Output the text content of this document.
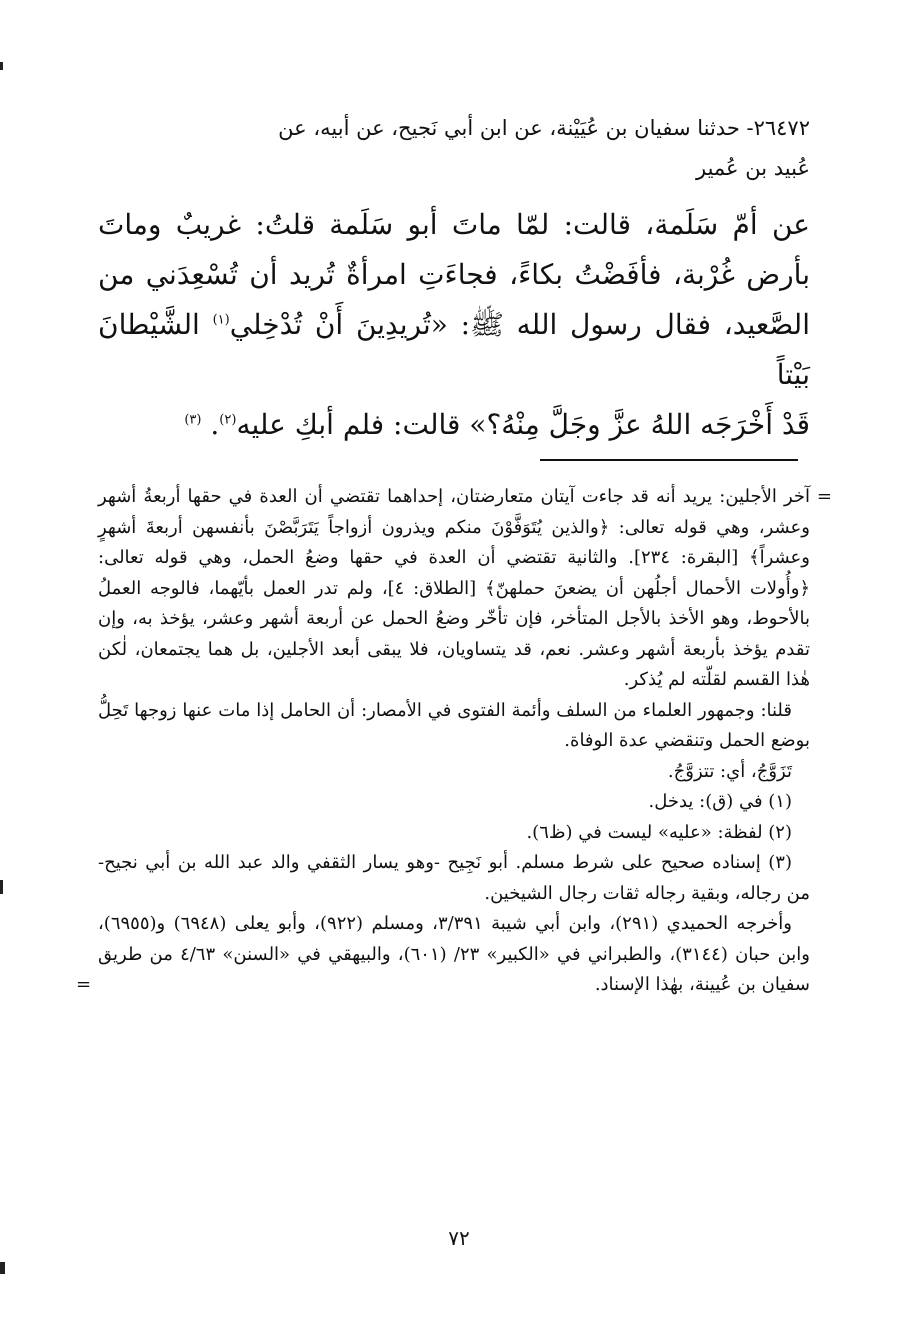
٢٦٤٧٢- حدثنا سفيان بن عُيَيْنة، عن ابن أبي نَجيح، عن أبيه، عن
عُبيد بن عُمير
عن أمّ سَلَمة، قالت: لمّا ماتَ أبو سَلَمة قلتُ: غريبٌ وماتَ
بأرض غُرْبة، فأفَضْتُ بكاءً، فجاءَتِ امرأةٌ تُريد أن تُسْعِدَني من
الصَّعيد، فقال رسول الله ﷺ: «تُريدِينَ أَنْ تُدْخِلي$^{(١)}$ الشَّيْطانَ بَيْتاً
قَدْ أَخْرَجَه اللهُ عزَّ وجَلَّ مِنْهُ؟» قالت: فلم أبكِ عليه$^{(٢)}$. $^{(٣)}$
=
آخر الأجلين: يريد أنه قد جاءت آيتان متعارضتان، إحداهما تقتضي أن العدة في حقها أربعةُ أشهر وعشر، وهي قوله تعالى: ﴿والذين يُتَوَفَّوْنَ منكم ويذرون أزواجاً يَتَرَبَّصْنَ بأنفسهن أربعةَ أشهرٍ وعشراً﴾ [البقرة: ٢٣٤]. والثانية تقتضي أن العدة في حقها وضعُ الحمل، وهي قوله تعالى: ﴿وأُولات الأحمال أجلُهن أن يضعنَ حملهنّ﴾ [الطلاق: ٤]، ولم تدر العمل بأيّهما، فالوجه العملُ بالأحوط، وهو الأخذ بالأجل المتأخر، فإن تأخّر وضعُ الحمل عن أربعة أشهر وعشر، يؤخذ به، وإن تقدم يؤخذ بأربعة أشهر وعشر. نعم، قد يتساويان، فلا يبقى أبعد الأجلين، بل هما يجتمعان، لٰكن هٰذا القسم لقلّته لم يُذكر.
قلنا: وجمهور العلماء من السلف وأئمة الفتوى في الأمصار: أن الحامل إذا مات عنها زوجها تَحِلُّ بوضع الحمل وتنقضي عدة الوفاة.
تَزَوَّجُ، أي: تتزوَّجُ.
(١) في (ق): يدخل.
(٢) لفظة: «عليه» ليست في (ظ٦).
(٣) إسناده صحيح على شرط مسلم. أبو نَجِيح -وهو يسار الثقفي والد عبد الله بن أبي نجيح- من رجاله، وبقية رجاله ثقات رجال الشيخين.
وأخرجه الحميدي (٢٩١)، وابن أبي شيبة ٣/٣٩١، ومسلم (٩٢٢)، وأبو يعلى (٦٩٤٨) و(٦٩٥٥)، وابن حبان (٣١٤٤)، والطبراني في «الكبير» ٢٣/ (٦٠١)، والبيهقي في «السنن» ٤/٦٣ من طريق سفيان بن عُيينة، بهٰذا الإسناد.
=
٧٢
